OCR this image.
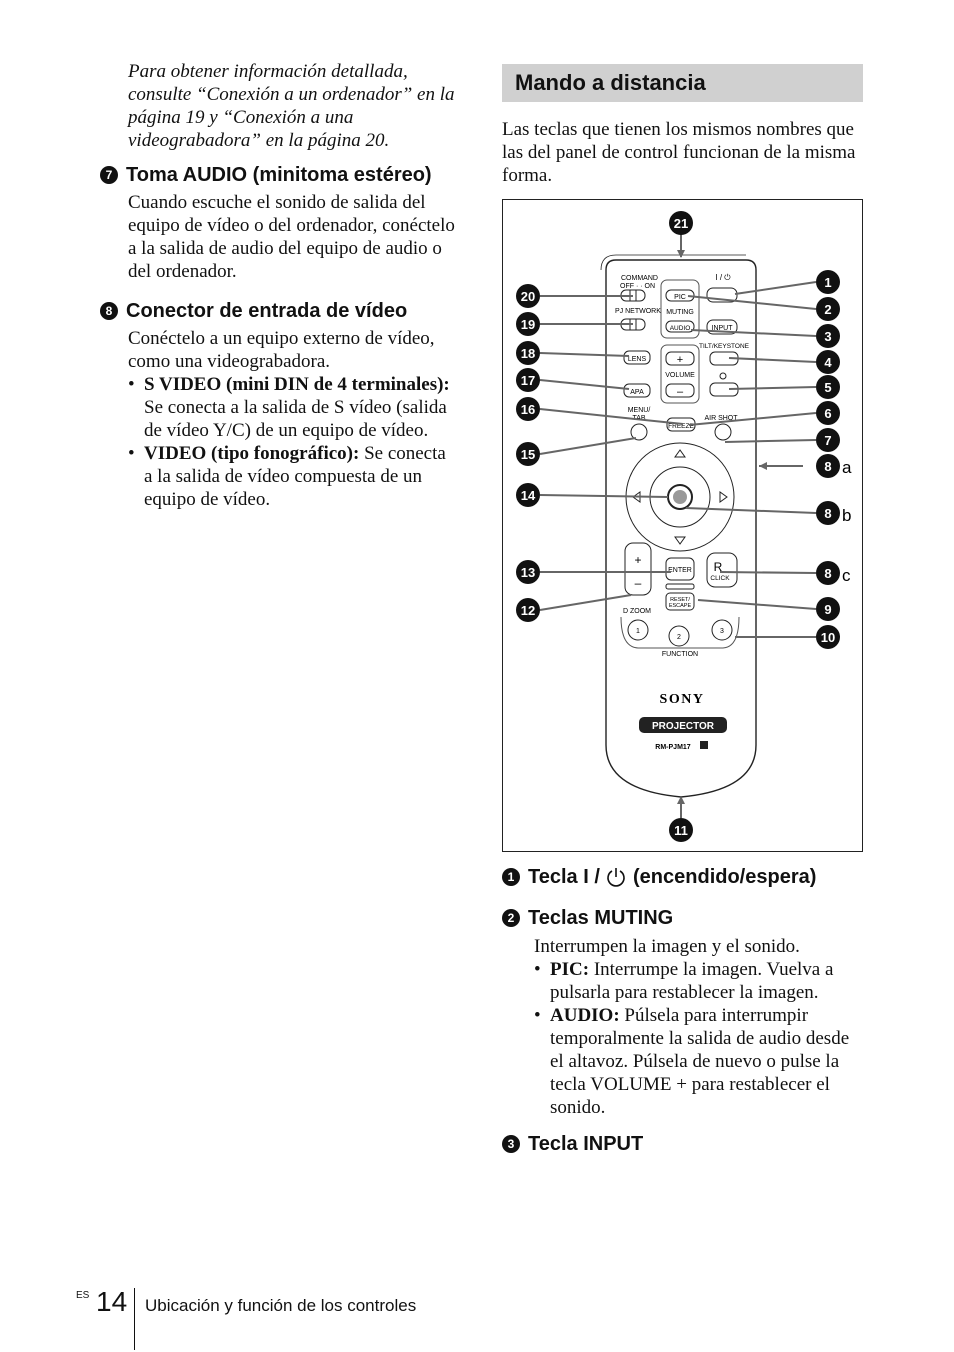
Para obtener información detallada, consulte “Conexión a un ordenador” en la página 19 y “Conexión a una videograbadora” en la página 20.
7 Toma AUDIO (minitoma estéreo)
Cuando escuche el sonido de salida del equipo de vídeo o del ordenador, conéctelo a la salida de audio del equipo de audio o del ordenador.
8 Conector de entrada de vídeo
Conéctelo a un equipo externo de vídeo, como una videograbadora.
• S VIDEO (mini DIN de 4 terminales): Se conecta a la salida de S vídeo (salida de vídeo Y/C) de un equipo de vídeo.
• VIDEO (tipo fonográfico): Se conecta a la salida de vídeo compuesta de un equipo de vídeo.
Mando a distancia
Las teclas que tienen los mismos nombres que las del panel de control funcionan de la misma forma.
COMMAND
OFF · · ON
PJ NETWORK
PIC
MUTING
AUDIO
I / ⏻
INPUT
+
VOLUME
–
LENS
APA
TILT/KEYSTONE
MENU/
TAB
FREEZE
AIR SHOT
+
–
ENTER
RESET/
ESCAPE
R
CLICK
D ZOOM
1
2
3
FUNCTION
SONY
PROJECTOR
RM-PJM17
21
11
20
19
18
17
16
15
14
13
12
1
2
3
4
5
6
7
8 a
8 b
8 c
9
10
1 Tecla I /  (encendido/espera)
2 Teclas MUTING
Interrumpen la imagen y el sonido.
• PIC: Interrumpe la imagen. Vuelva a pulsarla para restablecer la imagen.
• AUDIO: Púlsela para interrumpir temporalmente la salida de audio desde el altavoz. Púlsela de nuevo o pulse la tecla VOLUME + para restablecer el sonido.
3 Tecla INPUT
ES 14 Ubicación y función de los controles
